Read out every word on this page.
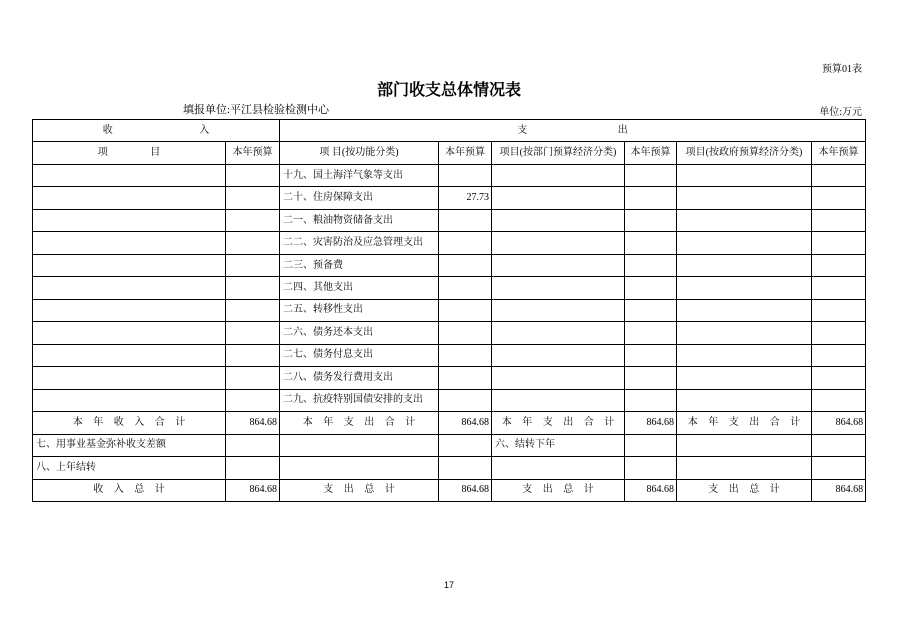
预算01表
部门收支总体情况表
填报单位:平江县检验检测中心	单位:万元
收 入		支 出					
项 目	本年预算	项 目(按功能分类)	本年预算	项目(按部门预算经济分类)	本年预算	项目(按政府预算经济分类)	本年预算
		十九、国土海洋气象等支出					
		二十、住房保障支出	27.73				
		二一、粮油物资储备支出					
		二二、灾害防治及应急管理支出					
		二三、预备费					
		二四、其他支出					
		二五、转移性支出					
		二六、债务还本支出					
		二七、债务付息支出					
		二八、债务发行费用支出					
		二九、抗疫特别国债安排的支出					
本 年 收 入 合 计	864.68	本 年 支 出 合 计	864.68	本 年 支 出 合 计	864.68	本 年 支 出 合 计	864.68
七、用事业基金弥补收支差额				六、结转下年			
八、上年结转							
收 入 总 计	864.68	支 出 总 计	864.68	支 出 总 计	864.68	支 出 总 计	864.68
17
